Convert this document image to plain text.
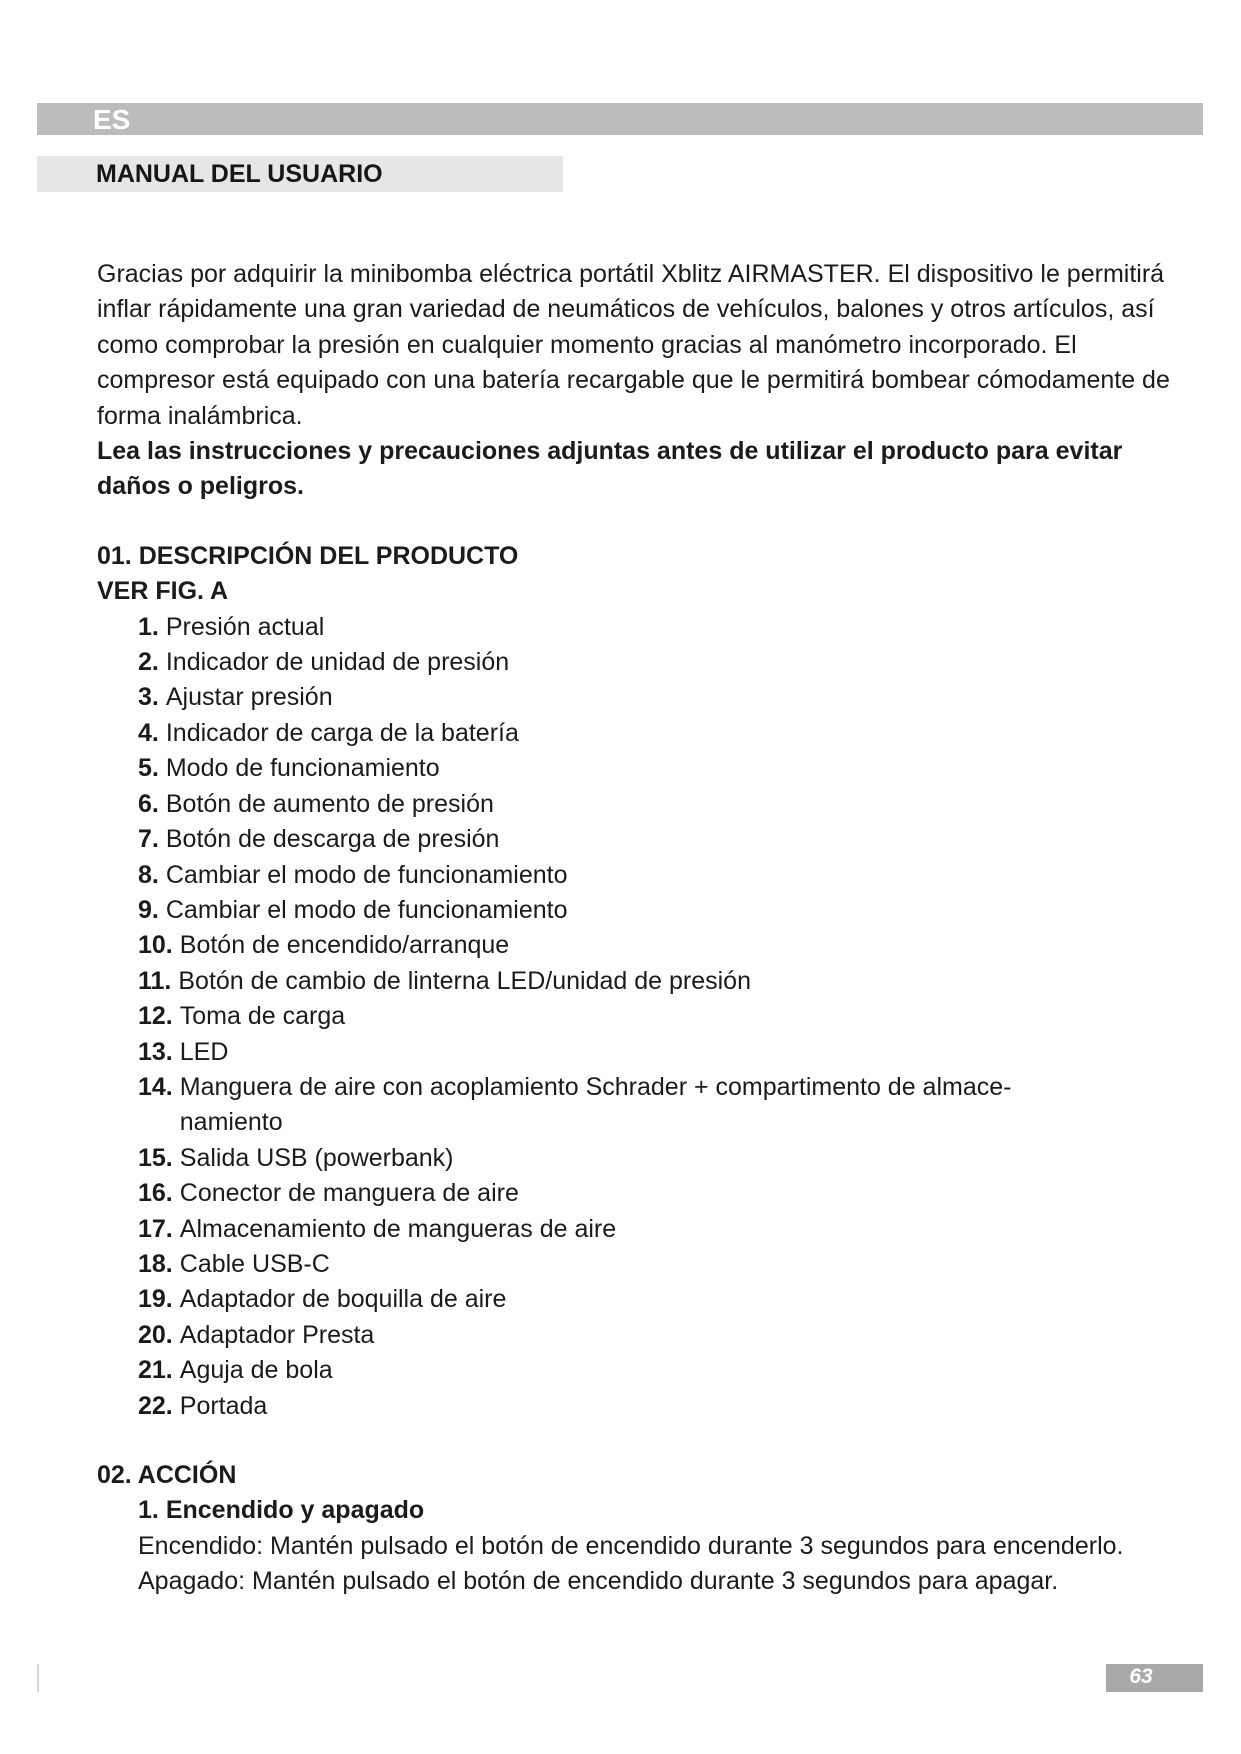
ES
MANUAL DEL USUARIO

Gracias por adquirir la minibomba eléctrica portátil Xblitz AIRMASTER. El dispositivo le permitirá inflar rápidamente una gran variedad de neumáticos de vehículos, balones y otros artículos, así como comprobar la presión en cualquier momento gracias al manómetro incorporado. El compresor está equipado con una batería recargable que le permitirá bombear cómodamente de forma inalámbrica.

Lea las instrucciones y precauciones adjuntas antes de utilizar el producto para evitar daños o peligros.

01. DESCRIPCIÓN DEL PRODUCTO
VER FIG. A
1. Presión actual
2. Indicador de unidad de presión
3. Ajustar presión
4. Indicador de carga de la batería
5. Modo de funcionamiento
6. Botón de aumento de presión
7. Botón de descarga de presión
8. Cambiar el modo de funcionamiento
9. Cambiar el modo de funcionamiento
10. Botón de encendido/arranque
11. Botón de cambio de linterna LED/unidad de presión
12. Toma de carga
13. LED
14. Manguera de aire con acoplamiento Schrader + compartimento de almace-namiento
15. Salida USB (powerbank)
16. Conector de manguera de aire
17. Almacenamiento de mangueras de aire
18. Cable USB-C
19. Adaptador de boquilla de aire
20. Adaptador Presta
21. Aguja de bola
22. Portada
02. ACCIÓN
1. Encendido y apagado

Encendido: Mantén pulsado el botón de encendido durante 3 segundos para encenderlo.

Apagado: Mantén pulsado el botón de encendido durante 3 segundos para apagar.

63
